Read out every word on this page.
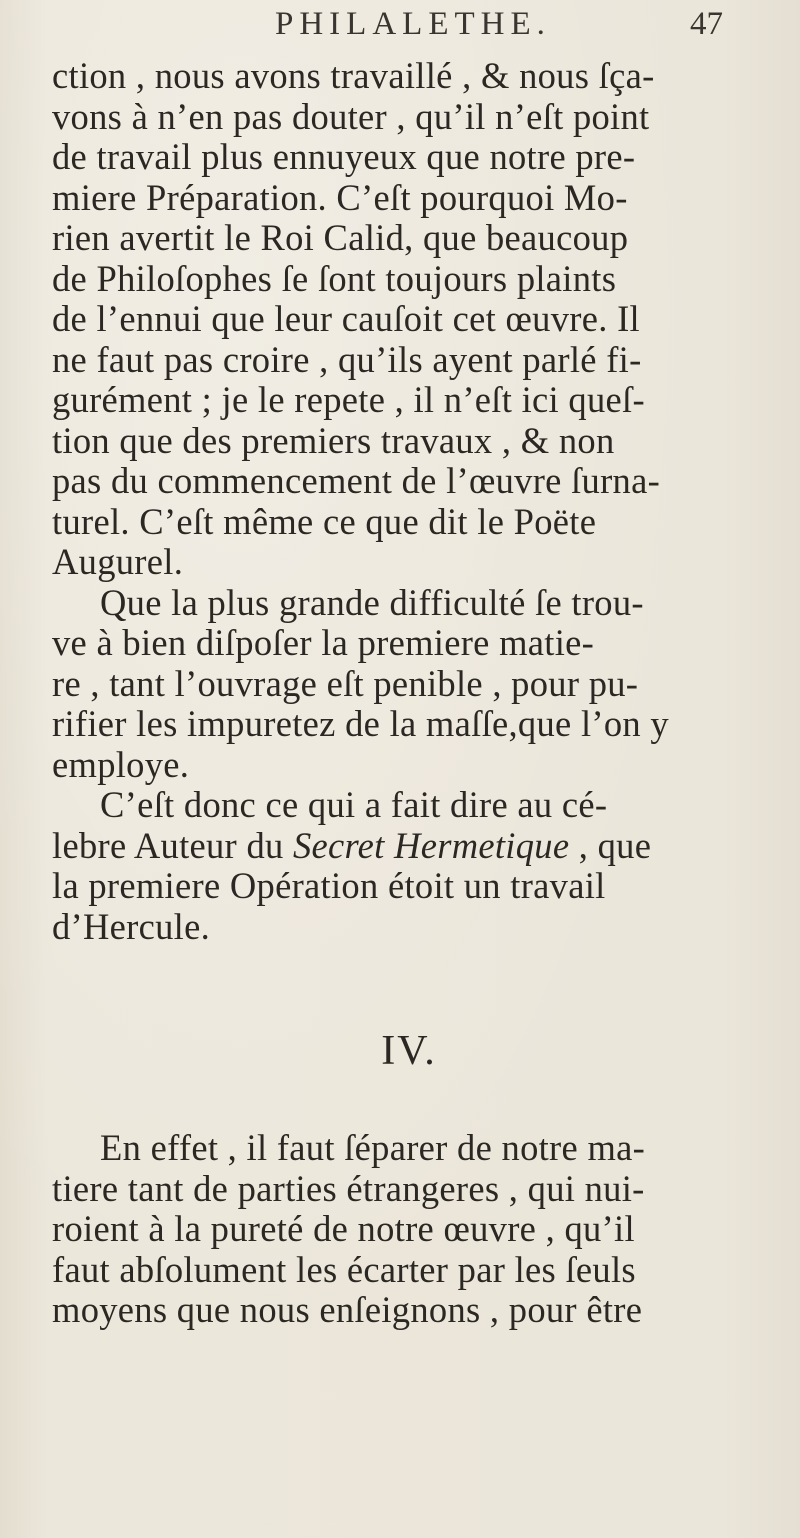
PHILALETHE.	47
ction , nous avons travaillé , & nous ſça-
vons à n’en pas douter , qu’il n’eſt point
de travail plus ennuyeux que notre pre-
miere Préparation. C’eſt pourquoi Mo-
rien avertit le Roi Calid, que beaucoup
de Philoſophes ſe ſont toujours plaints
de l’ennui que leur cauſoit cet œuvre. Il
ne faut pas croire , qu’ils ayent parlé fi-
gurément ; je le repete , il n’eſt ici queſ-
tion que des premiers travaux , & non
pas du commencement de l’œuvre ſurna-
turel. C’eſt même ce que dit le Poëte
Augurel.
Que la plus grande difficulté ſe trou-
ve à bien diſpoſer la premiere matie-
re , tant l’ouvrage eſt penible , pour pu-
rifier les impuretez de la maſſe,que l’on y
employe.
C’eſt donc ce qui a fait dire au cé-
lebre Auteur du Secret Hermetique , que
la premiere Opération étoit un travail
d’Hercule.
IV.
En effet , il faut ſéparer de notre ma-
tiere tant de parties étrangeres , qui nui-
roient à la pureté de notre œuvre , qu’il
faut abſolument les écarter par les ſeuls
moyens que nous enſeignons , pour être
